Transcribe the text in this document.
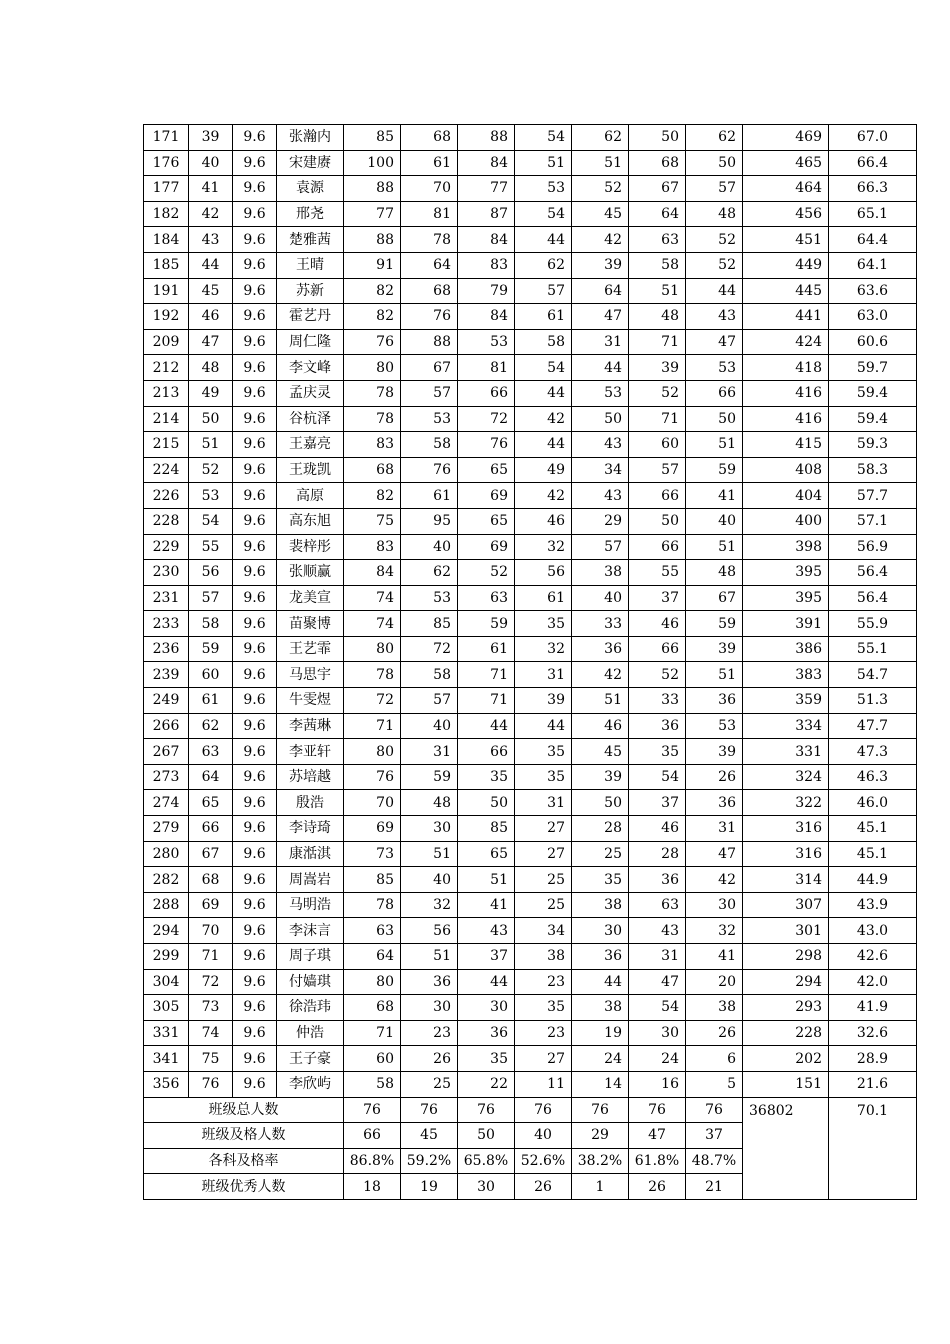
171	39	9.6	张瀚内	85	68	88	54	62	50	62	469	67.0
176	40	9.6	宋建赓	100	61	84	51	51	68	50	465	66.4
177	41	9.6	袁源	88	70	77	53	52	67	57	464	66.3
182	42	9.6	邢尧	77	81	87	54	45	64	48	456	65.1
184	43	9.6	楚雅茜	88	78	84	44	42	63	52	451	64.4
185	44	9.6	王晴	91	64	83	62	39	58	52	449	64.1
191	45	9.6	苏新	82	68	79	57	64	51	44	445	63.6
192	46	9.6	霍艺丹	82	76	84	61	47	48	43	441	63.0
209	47	9.6	周仁隆	76	88	53	58	31	71	47	424	60.6
212	48	9.6	李文峰	80	67	81	54	44	39	53	418	59.7
213	49	9.6	孟庆灵	78	57	66	44	53	52	66	416	59.4
214	50	9.6	谷杭泽	78	53	72	42	50	71	50	416	59.4
215	51	9.6	王嘉亮	83	58	76	44	43	60	51	415	59.3
224	52	9.6	王珑凯	68	76	65	49	34	57	59	408	58.3
226	53	9.6	高原	82	61	69	42	43	66	41	404	57.7
228	54	9.6	高东旭	75	95	65	46	29	50	40	400	57.1
229	55	9.6	裴梓彤	83	40	69	32	57	66	51	398	56.9
230	56	9.6	张顺赢	84	62	52	56	38	55	48	395	56.4
231	57	9.6	龙美宣	74	53	63	61	40	37	67	395	56.4
233	58	9.6	苗聚博	74	85	59	35	33	46	59	391	55.9
236	59	9.6	王艺霏	80	72	61	32	36	66	39	386	55.1
239	60	9.6	马思宇	78	58	71	31	42	52	51	383	54.7
249	61	9.6	牛雯煜	72	57	71	39	51	33	36	359	51.3
266	62	9.6	李茜琳	71	40	44	44	46	36	53	334	47.7
267	63	9.6	李亚轩	80	31	66	35	45	35	39	331	47.3
273	64	9.6	苏培越	76	59	35	35	39	54	26	324	46.3
274	65	9.6	殷浩	70	48	50	31	50	37	36	322	46.0
279	66	9.6	李诗琦	69	30	85	27	28	46	31	316	45.1
280	67	9.6	康湉淇	73	51	65	27	25	28	47	316	45.1
282	68	9.6	周嵩岩	85	40	51	25	35	36	42	314	44.9
288	69	9.6	马明浩	78	32	41	25	38	63	30	307	43.9
294	70	9.6	李沫言	63	56	43	34	30	43	32	301	43.0
299	71	9.6	周子琪	64	51	37	38	36	31	41	298	42.6
304	72	9.6	付嫱琪	80	36	44	23	44	47	20	294	42.0
305	73	9.6	徐浩玮	68	30	30	35	38	54	38	293	41.9
331	74	9.6	仲浩	71	23	36	23	19	30	26	228	32.6
341	75	9.6	王子豪	60	26	35	27	24	24	6	202	28.9
356	76	9.6	李欣屿	58	25	22	11	14	16	5	151	21.6
班级总人数				76	76	76	76	76	76	76	36802	70.1
班级及格人数				66	45	50	40	29	47	37		
各科及格率				86.8%	59.2%	65.8%	52.6%	38.2%	61.8%	48.7%		
班级优秀人数				18	19	30	26	1	26	21		
